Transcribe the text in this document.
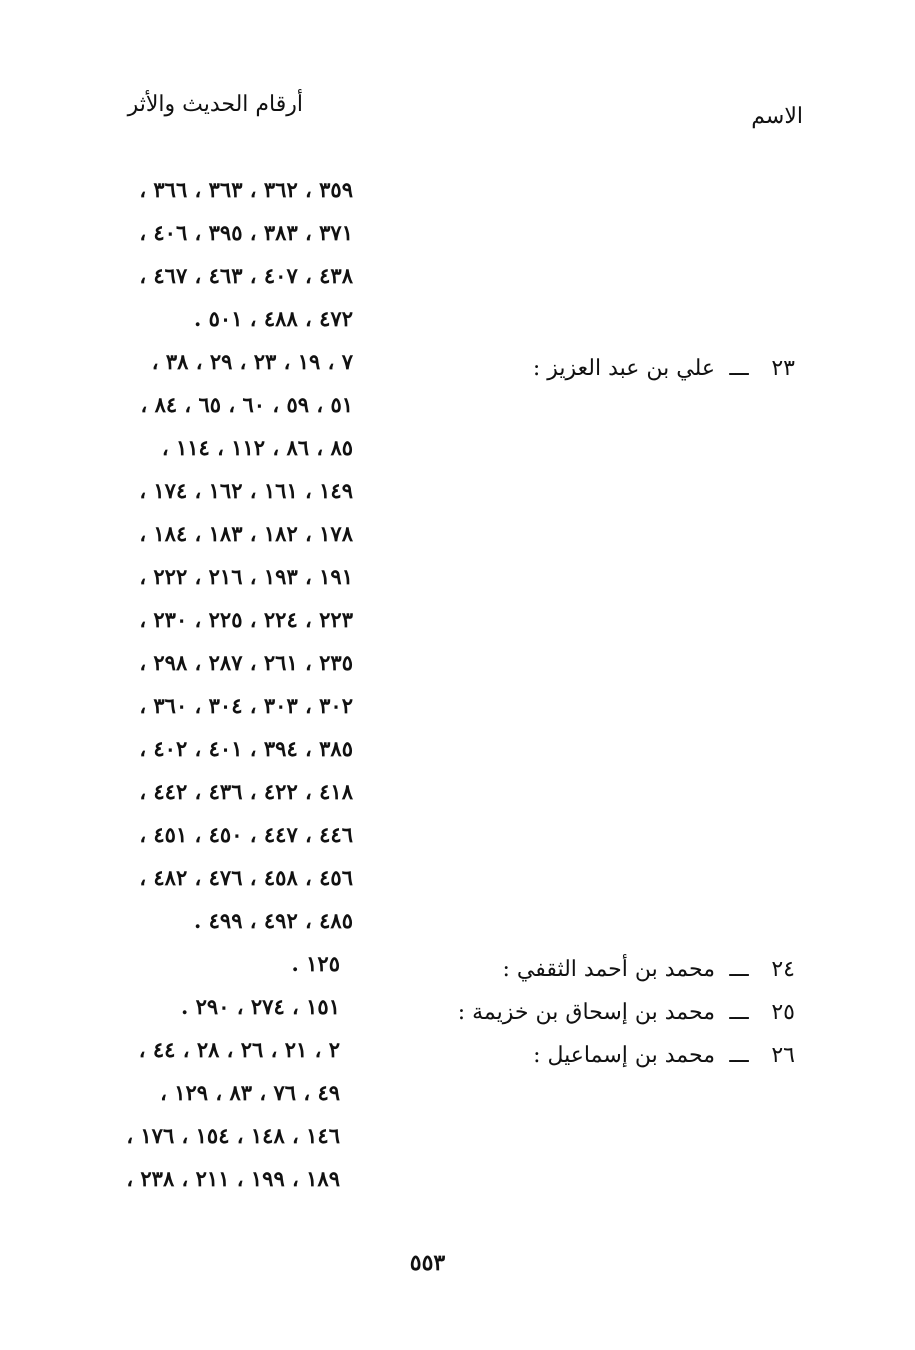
الاسم
أرقام الحديث والأثر
٢٣ ـــ علي بن عبد العزيز :
٢٤ ـــ محمد بن أحمد الثقفي :
٢٥ ـــ محمد بن إسحاق بن خزيمة :
٢٦ ـــ محمد بن إسماعيل :
٣٥٩ ، ٣٦٢ ، ٣٦٣ ، ٣٦٦ ،
٣٧١ ، ٣٨٣ ، ٣٩٥ ، ٤٠٦ ،
٤٣٨ ، ٤٠٧ ، ٤٦٣ ، ٤٦٧ ،
٤٧٢ ، ٤٨٨ ، ٥٠١ .
٧ ، ١٩ ، ٢٣ ، ٢٩ ، ٣٨ ،
٥١ ، ٥٩ ، ٦٠ ، ٦٥ ، ٨٤ ،
٨٥ ، ٨٦ ، ١١٢ ، ١١٤ ،
١٤٩ ، ١٦١ ، ١٦٢ ، ١٧٤ ،
١٧٨ ، ١٨٢ ، ١٨٣ ، ١٨٤ ،
١٩١ ، ١٩٣ ، ٢١٦ ، ٢٢٢ ،
٢٢٣ ، ٢٢٤ ، ٢٢٥ ، ٢٣٠ ،
٢٣٥ ، ٢٦١ ، ٢٨٧ ، ٢٩٨ ،
٣٠٢ ، ٣٠٣ ، ٣٠٤ ، ٣٦٠ ،
٣٨٥ ، ٣٩٤ ، ٤٠١ ، ٤٠٢ ،
٤١٨ ، ٤٢٢ ، ٤٣٦ ، ٤٤٢ ،
٤٤٦ ، ٤٤٧ ، ٤٥٠ ، ٤٥١ ،
٤٥٦ ، ٤٥٨ ، ٤٧٦ ، ٤٨٢ ،
٤٨٥ ، ٤٩٢ ، ٤٩٩ .
١٢٥ .
١٥١ ، ٢٧٤ ، ٢٩٠ .
٢ ، ٢١ ، ٢٦ ، ٢٨ ، ٤٤ ،
٤٩ ، ٧٦ ، ٨٣ ، ١٢٩ ،
١٤٦ ، ١٤٨ ، ١٥٤ ، ١٧٦ ،
١٨٩ ، ١٩٩ ، ٢١١ ، ٢٣٨ ،
٥٥٣
